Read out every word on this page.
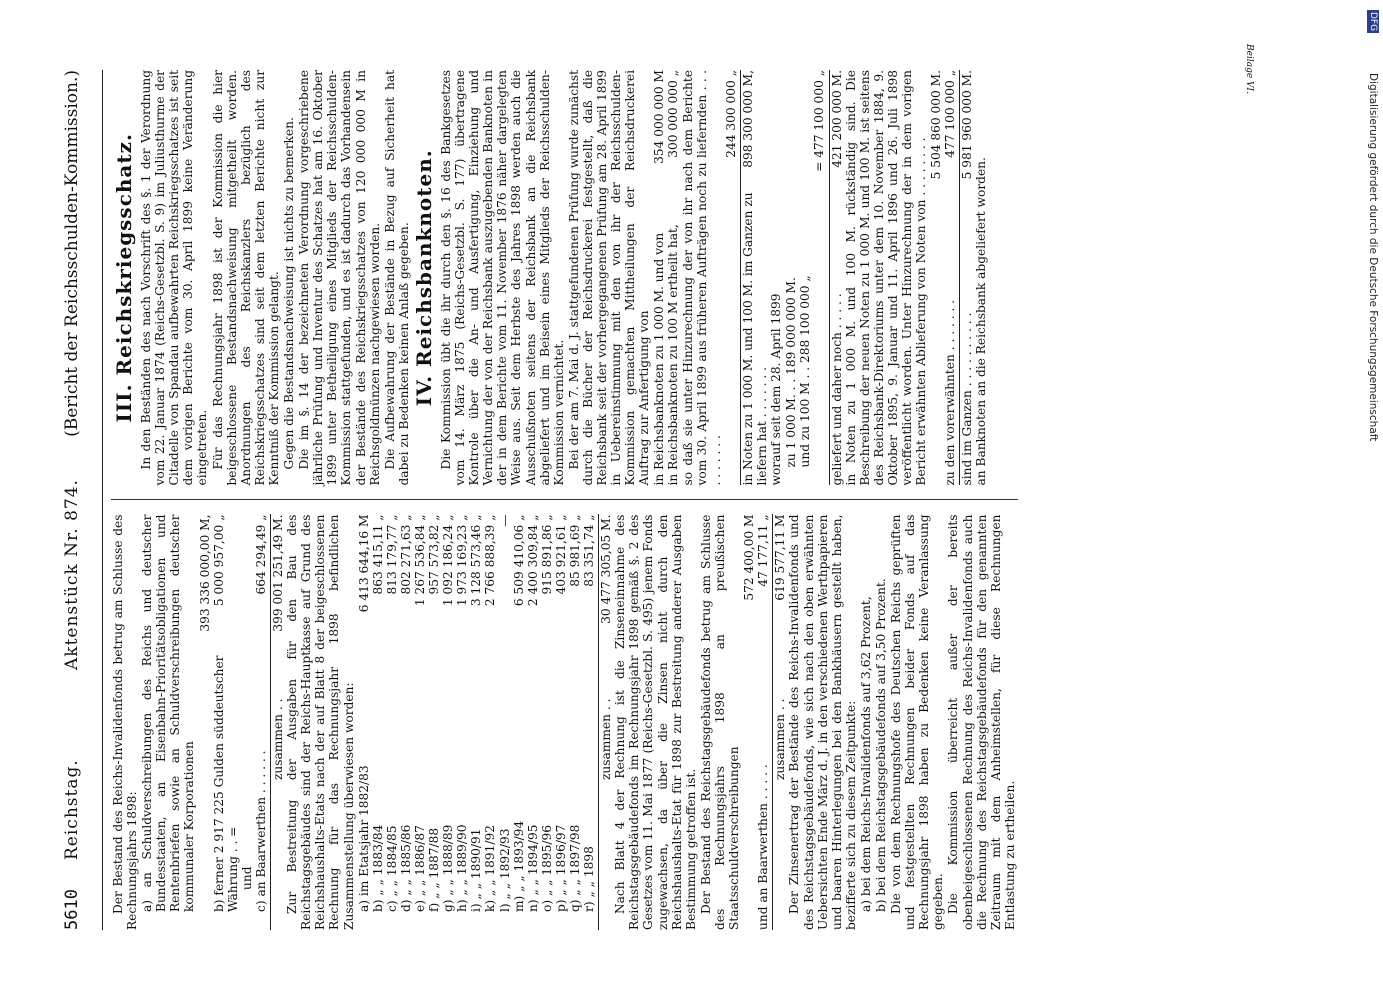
5610
Reichstag.
Aktenstück Nr. 874.
(Bericht der Reichsschulden-Kommission.)

Der Bestand des Reichs-Invalidenfonds betrug am Schlusse des Rechnungsjahrs 1898: a) an Schuldverschreibungen des Reichs und deutscher Bundesstaaten, an Eisenbahn-Prioritätsobligationen und Rentenbriefen sowie an Schuldverschreibungen deutscher kommunaler Korporationen

393 336 000,00 M,
b) ferner 2 917 225 Gulden süddeutscher Währung . . =
5 000 957,00 „
und c) an Baarwerthen . . . . . .
664 294,49 „
zusammen . .
399 001 251,49 M. Zur Bestreitung der Ausgaben für den Bau des Reichstagsgebäudes sind der Reichs-Hauptkasse auf Grund des Reichshaushalts-Etats nach der auf Blatt 8 der beigeschlossenen Rechnung für das Rechnungsjahr 1898 befindlichen Zusammenstellung überwiesen worden: a) im Etatsjahr 1882/83
6 413 644,16 M
b) „ „ 1883/84
863 415,11 „
c) „ „ 1884/85
813 179,77 „
d) „ „ 1885/86
802 271,63 „
e) „ „ 1886/87
1 267 536,84 „
f) „ „ 1887/88
957 573,82 „
g) „ „ 1888/89
1 092 186,24 „
h) „ „ 1889/90
1 973 169,23 „
i) „ „ 1890/91
3 128 573,46 „
k) „ „ 1891/92
2 766 888,39 „
l) „ „ 1892/93
—
m) „ „ 1893/94
6 509 410,06 „
n) „ „ 1894/95
2 400 309,84 „
o) „ „ 1895/96
915 891,86 „
p) „ „ 1896/97
403 921,61 „
q) „ „ 1897/98
85 981,69 „
r) „ „ 1898
83 351,74 „
zusammen . .
30 477 305,05 M. Nach Blatt 4 der Rechnung ist die Zinseneinnahme des Reichstagsgebäudefonds im Rechnungsjahr 1898 gemäß §. 2 des Gesetzes vom 11. Mai 1877 (Reichs-Gesetzbl. S. 495) jenem Fonds zugewachsen, da über die Zinsen nicht durch den Reichshaushalts-Etat für 1898 zur Bestreitung anderer Ausgaben Bestimmung getroffen ist. Der Bestand des Reichstagsgebäudefonds betrug am Schlusse des Rechnungsjahrs 1898 an preußischen Staatsschuldverschreibungen

572 400,00 M
und an Baarwerthen . . . . .
47 177,11 „
zusammen . .
619 577,11 M Der Zinsenertrag der Bestände des Reichs-Invalidenfonds und des Reichstagsgebäudefonds, wie sich nach den oben erwähnten Uebersichten Ende März d. J. in den verschiedenen Werthpapieren und baaren Hinterlegungen bei den Bankhäusern gestellt haben, bezifferte sich zu diesem Zeitpunkte: a) bei dem Reichs-Invalidenfonds auf 3,62 Prozent, b) bei dem Reichstagsgebäudefonds auf 3,50 Prozent. Die von dem Rechnungshofe des Deutschen Reichs geprüften und festgestellten Rechnungen beider Fonds auf das Rechnungsjahr 1898 haben zu Bedenken keine Veranlassung gegeben. Die Kommission überreicht außer der bereits obenbeigeschlossenen Rechnung des Reichs-Invalidenfonds auch die Rechnung des Reichstagsgebäudefonds für den genannten Zeitraum mit dem Anheimstellen, für diese Rechnungen Entlastung zu ertheilen.

III. Reichskriegsschatz. In den Beständen des nach Vorschrift des §. 1 der Verordnung vom 22. Januar 1874 (Reichs-Gesetzbl. S. 9) im Juliusthurme der Citadelle von Spandau aufbewahrten Reichskriegsschatzes ist seit dem vorigen Berichte vom 30. April 1899 keine Veränderung eingetreten. Für das Rechnungsjahr 1898 ist der Kommission die hier beigeschlossene Bestandsnachweisung mitgetheilt worden. Anordnungen des Reichskanzlers bezüglich des Reichskriegsschatzes sind seit dem letzten Berichte nicht zur Kenntniß der Kommission gelangt. Gegen die Bestandsnachweisung ist nichts zu bemerken. Die im §. 14 der bezeichneten Verordnung vorgeschriebene jährliche Prüfung und Inventur des Schatzes hat am 16. Oktober 1899 unter Betheiligung eines Mitglieds der Reichsschulden-Kommission stattgefunden, und es ist dadurch das Vorhandensein der Bestände des Reichskriegsschatzes von 120 000 000 M in Reichsgoldmünzen nachgewiesen worden. Die Aufbewahrung der Bestände in Bezug auf Sicherheit hat dabei zu Bedenken keinen Anlaß gegeben. IV. Reichsbanknoten. Die Kommission übt die ihr durch den §. 16 des Bankgesetzes vom 14. März 1875 (Reichs-Gesetzbl. S. 177) übertragene Kontrole über die An- und Ausfertigung, Einziehung und Vernichtung der von der Reichsbank auszugebenden Banknoten in der in dem Berichte vom 11. November 1876 näher dargelegten Weise aus. Seit dem Herbste des Jahres 1898 werden auch die Ausschußnoten seitens der Reichsbank an die Reichsbank abgeliefert und im Beisein eines Mitglieds der Reichsschulden-Kommission vernichtet. Bei der am 7. Mai d. J. stattgefundenen Prüfung wurde zunächst durch die Bücher der Reichsdruckerei festgestellt, daß die Reichsbank seit der vorhergegangenen Prüfung am 28. April 1899 in Uebereinstimmung mit den von ihr der Reichsschulden-Kommission gemachten Mittheilungen der Reichsdruckerei Auftrag zur Anfertigung von in Reichsbanknoten zu 1 000 M. und von
354 000 000 M
in Reichsbanknoten zu 100 M ertheilt hat,
300 000 000 „ so daß sie unter Hinzurechnung der von ihr nach dem Berichte vom 30. April 1899 aus früheren Aufträgen noch zu liefernden . . . . . . . . . .

244 300 000 „
in Noten zu 1 000 M. und 100 M. im Ganzen zu liefern hat . . . . . . .
898 300 000 M,

worauf seit dem 28. April 1899 zu 1 000 M. . . 189 000 000 M. und zu 100 M . . 288 100 000 „
= 477 100 000 „
geliefert und daher noch . . . . .
421 200 000 M. in Noten zu 1 000 M. und 100 M. rückständig sind. Die Beschreibung der neuen Noten zu 1 000 M. und 100 M. ist seitens des Reichsbank-Direktoriums unter dem 10. November 1884, 9. Oktober 1895, 9. Januar und 11. April 1896 und 26. Juli 1898 veröffentlicht worden. Unter Hinzurechnung der in dem vorigen Bericht erwähnten Ablieferung von Noten von . . . . . . . .

5 504 860 000 M.
zu den vorerwähnten . . . . . . .
477 100 000 „
sind im Ganzen . . . . . . . . . .
5 981 960 000 M.

an Banknoten an die Reichsbank abgeliefert worden.

Beilage VI.
DFG
Digitalisierung gefördert durch die Deutsche Forschungsgemeinschaft
